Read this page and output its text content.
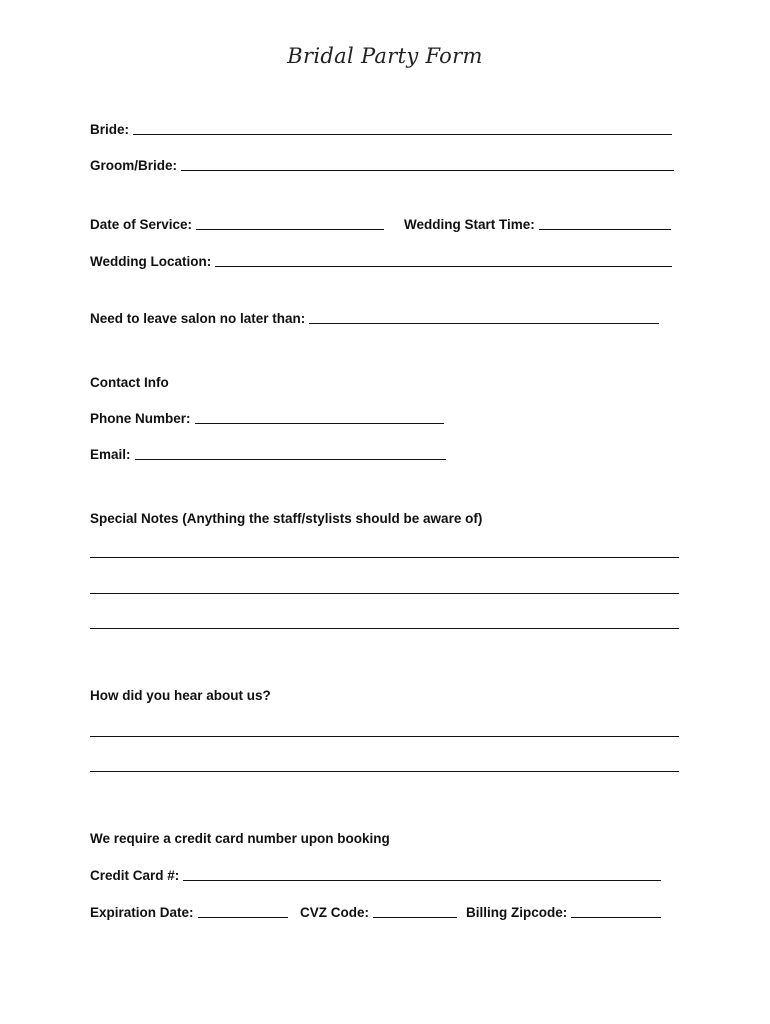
Bridal Party Form
Bride:
Groom/Bride:
Date of Service:	Wedding Start Time:
Wedding Location:
Need to leave salon no later than:
Contact Info
Phone Number:
Email:
Special Notes (Anything the staff/stylists should be aware of)
How did you hear about us?
We require a credit card number upon booking
Credit Card #:
Expiration Date:	CVZ Code:	Billing Zipcode:
